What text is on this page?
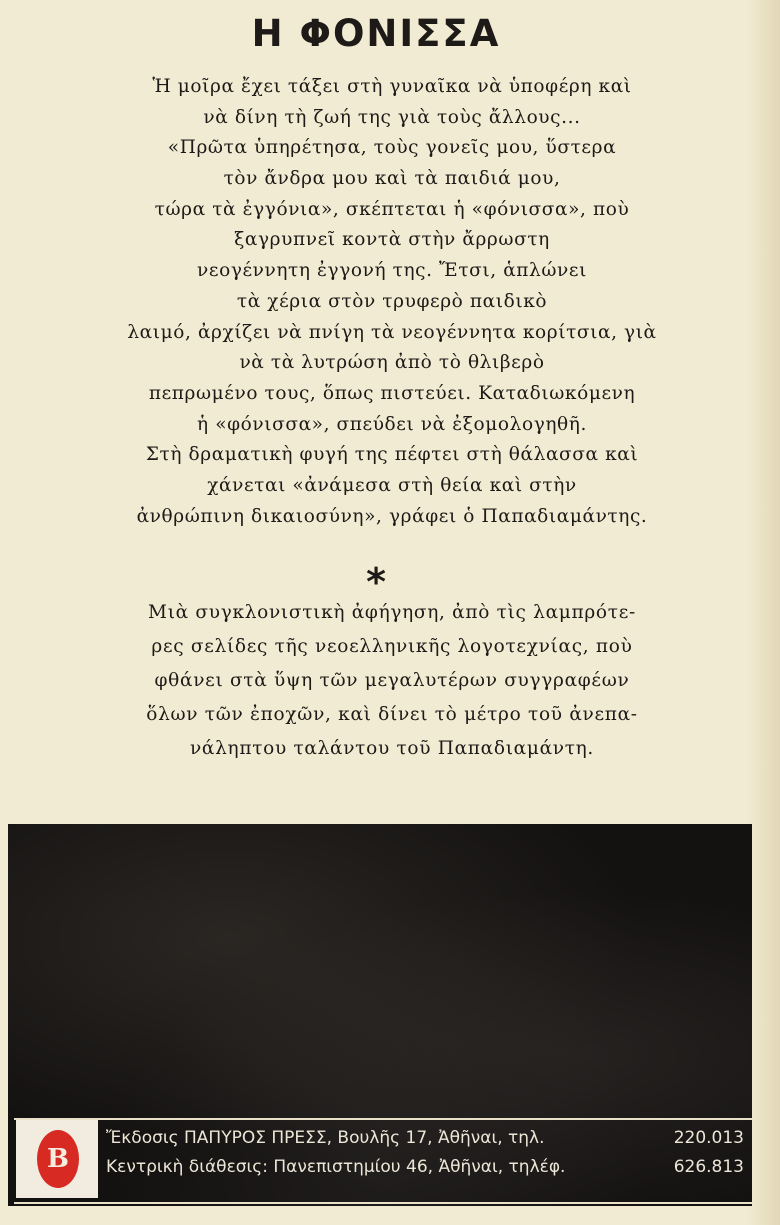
Η ΦΟΝΙΣΣΑ
Ἡ μοῖρα ἔχει τάξει στὴ γυναῖκα νὰ ὑποφέρη καὶ
νὰ δίνη τὴ ζωή της γιὰ τοὺς ἄλλους...
«Πρῶτα ὑπηρέτησα, τοὺς γονεῖς μου, ὕστερα
τὸν ἄνδρα μου καὶ τὰ παιδιά μου,
τώρα τὰ ἐγγόνια», σκέπτεται ἡ «φόνισσα», ποὺ
ξαγρυπνεῖ κοντὰ στὴν ἄρρωστη
νεογέννητη ἐγγονή της. Ἔτσι, ἁπλώνει
τὰ χέρια στὸν τρυφερὸ παιδικὸ
λαιμό, ἀρχίζει νὰ πνίγη τὰ νεογέννητα κορίτσια, γιὰ
νὰ τὰ λυτρώση ἀπὸ τὸ θλιβερὸ
πεπρωμένο τους, ὅπως πιστεύει. Καταδιωκόμενη
ἡ «φόνισσα», σπεύδει νὰ ἐξομολογηθῆ.
Στὴ δραματικὴ φυγή της πέφτει στὴ θάλασσα καὶ
χάνεται «ἀνάμεσα στὴ θεία καὶ στὴν
ἀνθρώπινη δικαιοσύνη», γράφει ὁ Παπαδιαμάντης.
*
Μιὰ συγκλονιστικὴ ἀφήγηση, ἀπὸ τὶς λαμπρότε-
ρες σελίδες τῆς νεοελληνικῆς λογοτεχνίας, ποὺ
φθάνει στὰ ὕψη τῶν μεγαλυτέρων συγγραφέων
ὅλων τῶν ἐποχῶν, καὶ δίνει τὸ μέτρο τοῦ ἀνεπα-
νάληπτου ταλάντου τοῦ Παπαδιαμάντη.
B
Ἔκδοσις ΠΑΠΥΡΟΣ ΠΡΕΣΣ, Βουλῆς 17, Ἀθῆναι, τηλ.	220.013
Κεντρικὴ διάθεσις: Πανεπιστημίου 46, Ἀθῆναι, τηλέφ.	626.813
